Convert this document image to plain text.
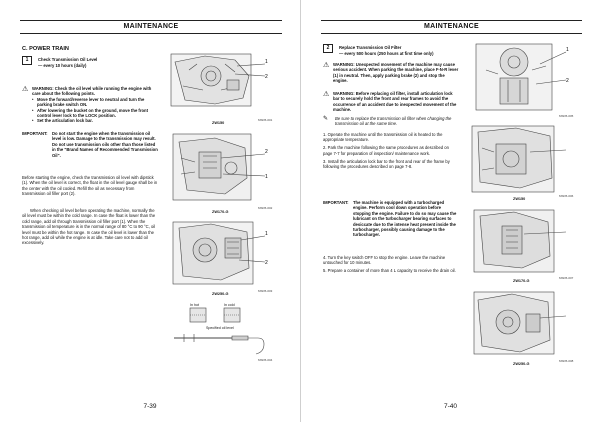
MAINTENANCE
C. POWER TRAIN
1	Check Transmission Oil Level
— every 10 hours (daily)
⚠ WARNING: Check the oil level while running the engine with care about the following points.
• Move the forward/reverse lever to neutral and turn the parking brake switch ON.
• After lowering the bucket on the ground, move the front control lever lock to the LOCK position.
• Set the articulation lock bar.
IMPORTANT: Do not start the engine when the transmission oil level is low. Damage to the transmission may result. Do not use transmission oils other than those listed in the "Brand Names of Recommended Transmission Oil".
Before starting the engine, check the transmission oil level with dipstick (1). When the oil level is correct, the float in the oil level gauge shall be in the center with the oil cooled. Refill the oil as necessary from transmission oil filler port (2).
When checking oil level before operating the machine, normally the oil level must be within the cold range. In case the float is lower than the cold range, add oil through transmission oil filler port (1). When the transmission oil temperature is in the normal range of 80 °C to 90 °C, oil level must be within the hot range. In case the oil level is lower than the hot range, add oil while the engine is at idle. Take care not to add oil excessively.
1
2
ZW150
MSD5-001
2
1
ZW170-G
MSD5-002
1
2
ZW250-G
MSD5-003
In hot	In cold
Specified oil level
MSD5-004
7-39
MAINTENANCE
2	Replace Transmission Oil Filter
— every 500 hours (250 hours at first time only)
⚠ WARNING: Unexpected movement of the machine may cause serious accident. When parking the machine, place F-N-R lever (1) in neutral. Then, apply parking brake (2) and stop the engine.
⚠ WARNING: Before replacing oil filter, install articulation lock bar to securely hold the front and rear frames to avoid the occurrence of an accident due to inexpected movement of the machine.
✎ Be sure to replace the transmission oil filter when changing the transmission oil at the same time.
1. Operate the machine until the transmission oil is heated to the appropriate temperature.
2. Park the machine following the same procedures as described on page 7-7 for preparation of inspection/ maintenance work.
3. Install the articulation lock bar to the front and rear of the frame by following the procedures described on page 7-8.
IMPORTANT: The machine is equipped with a turbocharged engine. Perform cool down operation before stopping the engine. Failure to do so may cause the lubricant on the turbocharger bearing surfaces to desiccate due to the intense heat present inside the turbocharger, possibly causing damage to the turbocharger.
4. Turn the key switch OFF to stop the engine. Leave the machine untouched for 10 minutes.
5. Prepare a container of more than 4 L capacity to receive the drain oil.
1
2
MSD5-005
ZW150
MSD5-006
ZW170-G
MSD5-007
ZW250-G
MSD5-008
7-40
